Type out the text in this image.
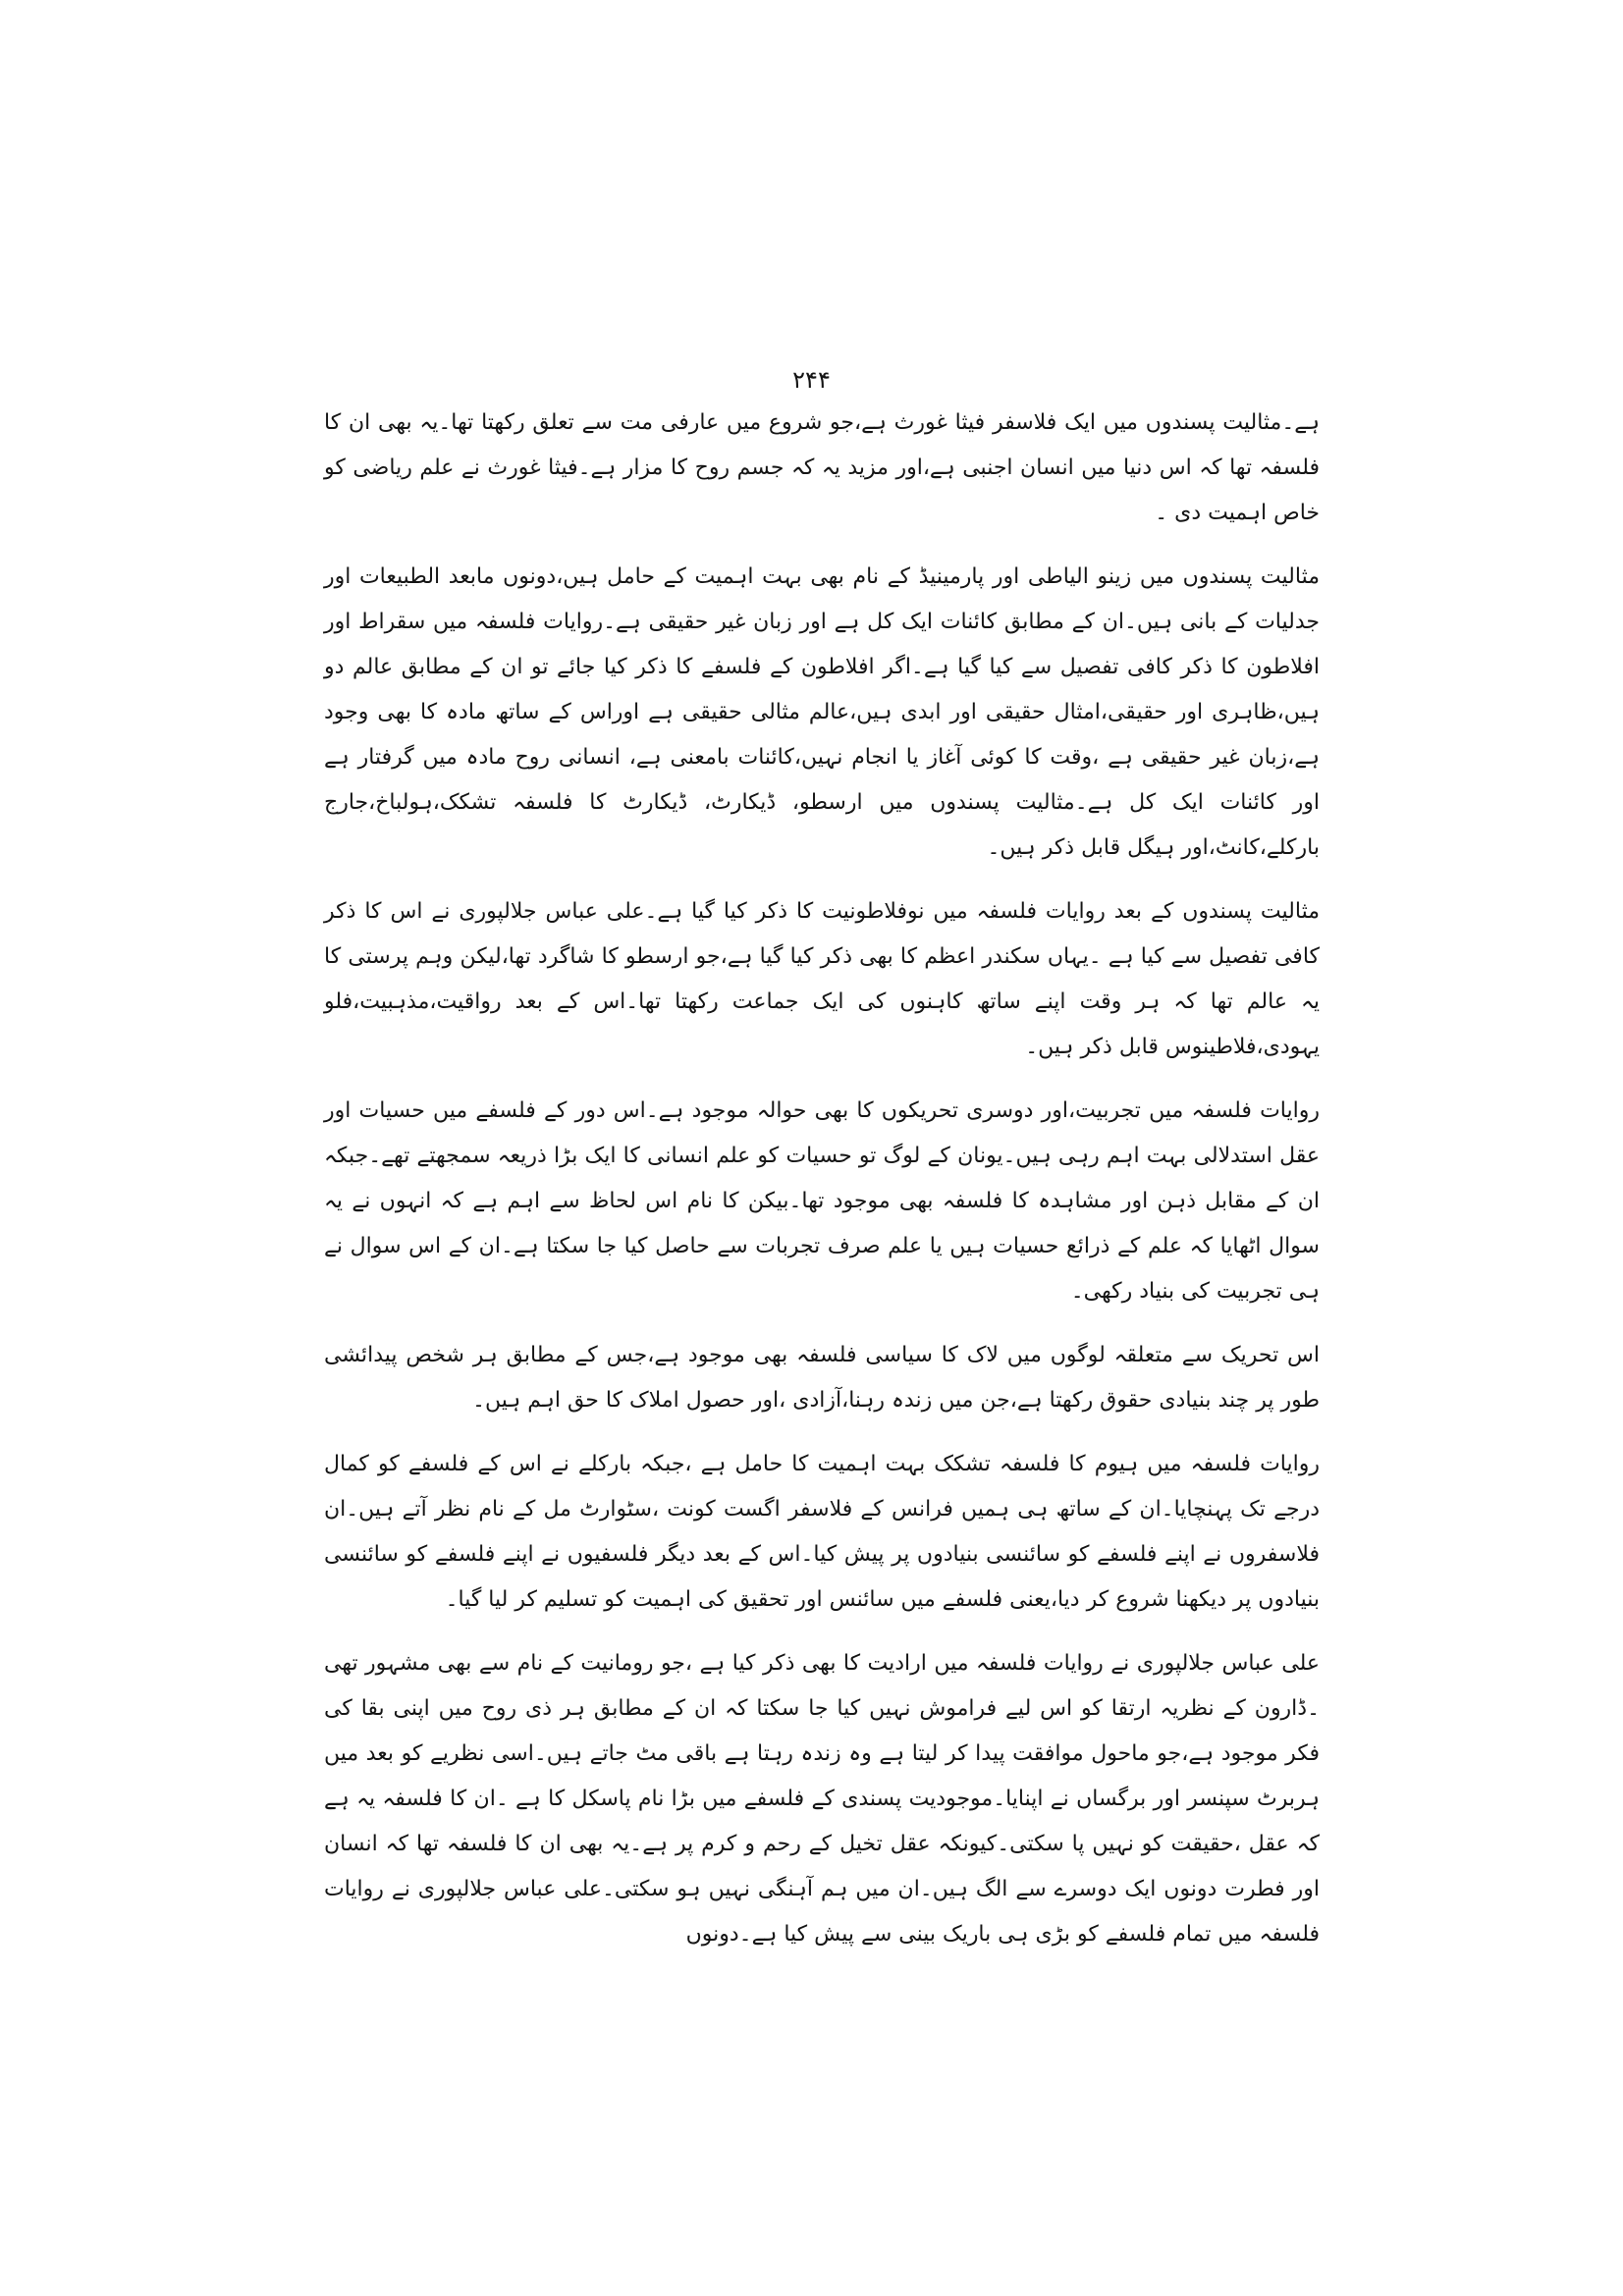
۲۴۴

ہے۔مثالیت پسندوں میں ایک فلاسفر فیثا غورث ہے،جو شروع میں عارفی مت سے تعلق رکھتا تھا۔یہ بھی ان کا فلسفہ تھا کہ اس دنیا میں انسان اجنبی ہے،اور مزید یہ کہ جسم روح کا مزار ہے۔فیثا غورث نے علم ریاضی کو خاص اہمیت دی ۔

مثالیت پسندوں میں زینو الیاطی اور پارمینیڈ کے نام بھی بہت اہمیت کے حامل ہیں،دونوں مابعد الطبیعات اور جدلیات کے بانی ہیں۔ان کے مطابق کائنات ایک کل ہے اور زبان غیر حقیقی ہے۔روایات فلسفہ میں سقراط اور افلاطون کا ذکر کافی تفصیل سے کیا گیا ہے۔اگر افلاطون کے فلسفے کا ذکر کیا جائے تو ان کے مطابق عالم دو ہیں،ظاہری اور حقیقی،امثال حقیقی اور ابدی ہیں،عالم مثالی حقیقی ہے اوراس کے ساتھ مادہ کا بھی وجود ہے،زبان غیر حقیقی ہے ،وقت کا کوئی آغاز یا انجام نہیں،کائنات بامعنی ہے، انسانی روح مادہ میں گرفتار ہے اور کائنات ایک کل ہے۔مثالیت پسندوں میں ارسطو، ڈیکارٹ، ڈیکارٹ کا فلسفہ تشکک،ہولباخ،جارج بارکلے،کانٹ،اور ہیگل قابل ذکر ہیں۔

مثالیت پسندوں کے بعد روایات فلسفہ میں نوفلاطونیت کا ذکر کیا گیا ہے۔علی عباس جلالپوری نے اس کا ذکر کافی تفصیل سے کیا ہے ۔یہاں سکندر اعظم کا بھی ذکر کیا گیا ہے،جو ارسطو کا شاگرد تھا،لیکن وہم پرستی کا یہ عالم تھا کہ ہر وقت اپنے ساتھ کاہنوں کی ایک جماعت رکھتا تھا۔اس کے بعد رواقیت،مذہبیت،فلو یہودی،فلاطینوس قابل ذکر ہیں۔

روایات فلسفہ میں تجربیت،اور دوسری تحریکوں کا بھی حوالہ موجود ہے۔اس دور کے فلسفے میں حسیات اور عقل استدلالی بہت اہم رہی ہیں۔یونان کے لوگ تو حسیات کو علم انسانی کا ایک بڑا ذریعہ سمجھتے تھے۔جبکہ ان کے مقابل ذہن اور مشاہدہ کا فلسفہ بھی موجود تھا۔بیکن کا نام اس لحاظ سے اہم ہے کہ انہوں نے یہ سوال اٹھایا کہ علم کے ذرائع حسیات ہیں یا علم صرف تجربات سے حاصل کیا جا سکتا ہے۔ان کے اس سوال نے ہی تجربیت کی بنیاد رکھی۔

اس تحریک سے متعلقہ لوگوں میں لاک کا سیاسی فلسفہ بھی موجود ہے،جس کے مطابق ہر شخص پیدائشی طور پر چند بنیادی حقوق رکھتا ہے،جن میں زندہ رہنا،آزادی ،اور حصول املاک کا حق اہم ہیں۔

روایات فلسفہ میں ہیوم کا فلسفہ تشکک بہت اہمیت کا حامل ہے ،جبکہ بارکلے نے اس کے فلسفے کو کمال درجے تک پہنچایا۔ان کے ساتھ ہی ہمیں فرانس کے فلاسفر اگست کونت ،سٹوارٹ مل کے نام نظر آتے ہیں۔ان فلاسفروں نے اپنے فلسفے کو سائنسی بنیادوں پر پیش کیا۔اس کے بعد دیگر فلسفیوں نے اپنے فلسفے کو سائنسی بنیادوں پر دیکھنا شروع کر دیا،یعنی فلسفے میں سائنس اور تحقیق کی اہمیت کو تسلیم کر لیا گیا۔

علی عباس جلالپوری نے روایات فلسفہ میں ارادیت کا بھی ذکر کیا ہے ،جو رومانیت کے نام سے بھی مشہور تھی ۔ڈارون کے نظریہ ارتقا کو اس لیے فراموش نہیں کیا جا سکتا کہ ان کے مطابق ہر ذی روح میں اپنی بقا کی فکر موجود ہے،جو ماحول موافقت پیدا کر لیتا ہے وہ زندہ رہتا ہے باقی مٹ جاتے ہیں۔اسی نظریے کو بعد میں ہربرٹ سپنسر اور برگساں نے اپنایا۔موجودیت پسندی کے فلسفے میں بڑا نام پاسکل کا ہے ۔ان کا فلسفہ یہ ہے کہ عقل ،حقیقت کو نہیں پا سکتی۔کیونکہ عقل تخیل کے رحم و کرم پر ہے۔یہ بھی ان کا فلسفہ تھا کہ انسان اور فطرت دونوں ایک دوسرے سے الگ ہیں۔ان میں ہم آہنگی نہیں ہو سکتی۔علی عباس جلالپوری نے روایات فلسفہ میں تمام فلسفے کو بڑی ہی باریک بینی سے پیش کیا ہے۔دونوں
